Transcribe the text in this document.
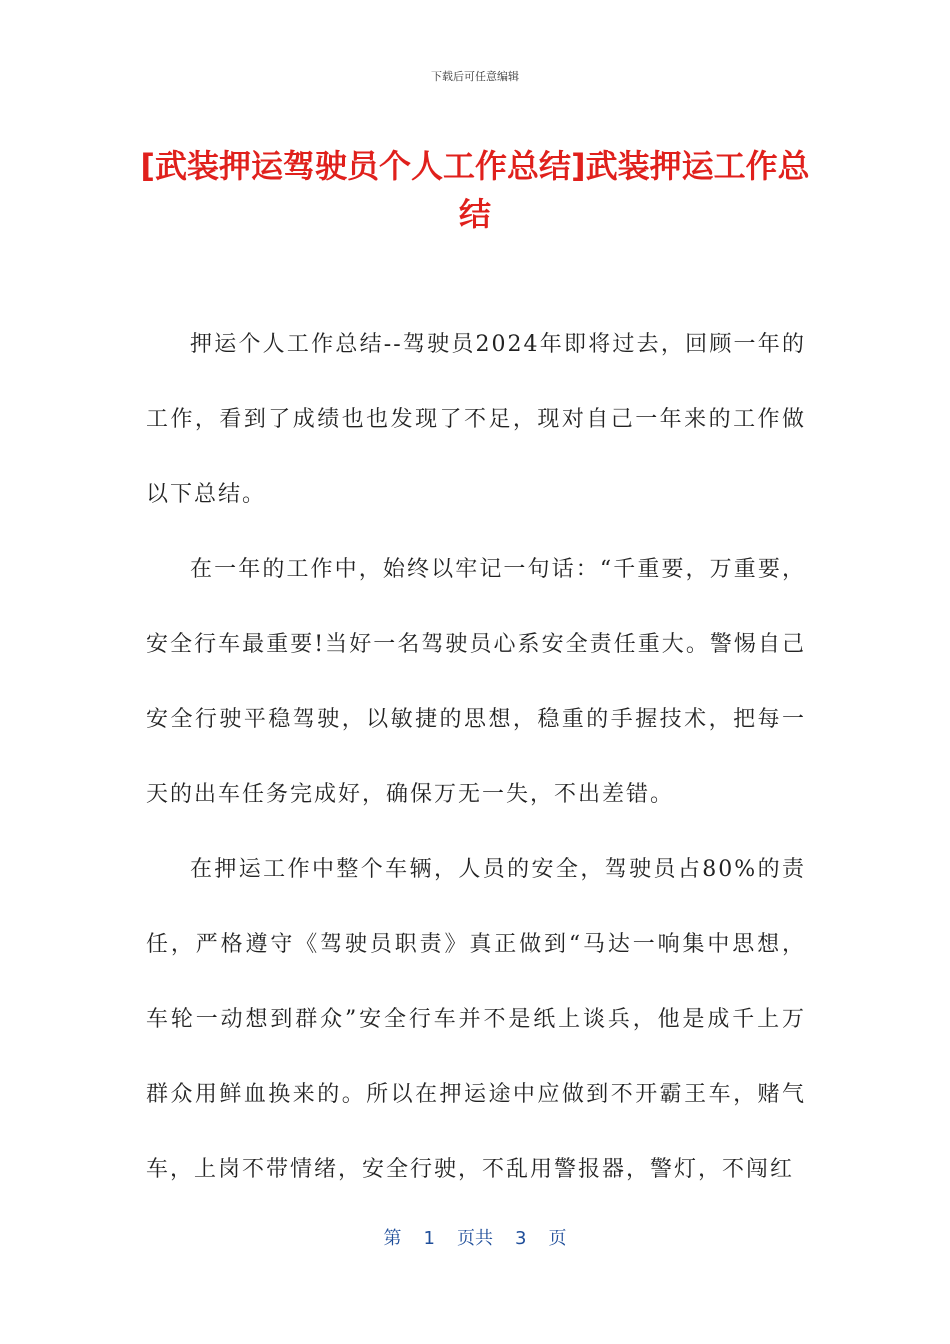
下载后可任意编辑
[武装押运驾驶员个人工作总结]武装押运工作总结

押运个人工作总结--驾驶员2024年即将过去，回顾一年的工作，看到了成绩也也发现了不足，现对自己一年来的工作做以下总结。

在一年的工作中，始终以牢记一句话：“千重要，万重要，安全行车最重要!当好一名驾驶员心系安全责任重大。警惕自己安全行驶平稳驾驶，以敏捷的思想，稳重的手握技术，把每一天的出车任务完成好，确保万无一失，不出差错。

在押运工作中整个车辆，人员的安全，驾驶员占80%的责任，严格遵守《驾驶员职责》真正做到“马达一响集中思想，车轮一动想到群众”安全行车并不是纸上谈兵，他是成千上万群众用鲜血换来的。所以在押运途中应做到不开霸王车，赌气车，上岗不带情绪，安全行驶，不乱用警报器，警灯，不闯红

第 1 页共 3 页
